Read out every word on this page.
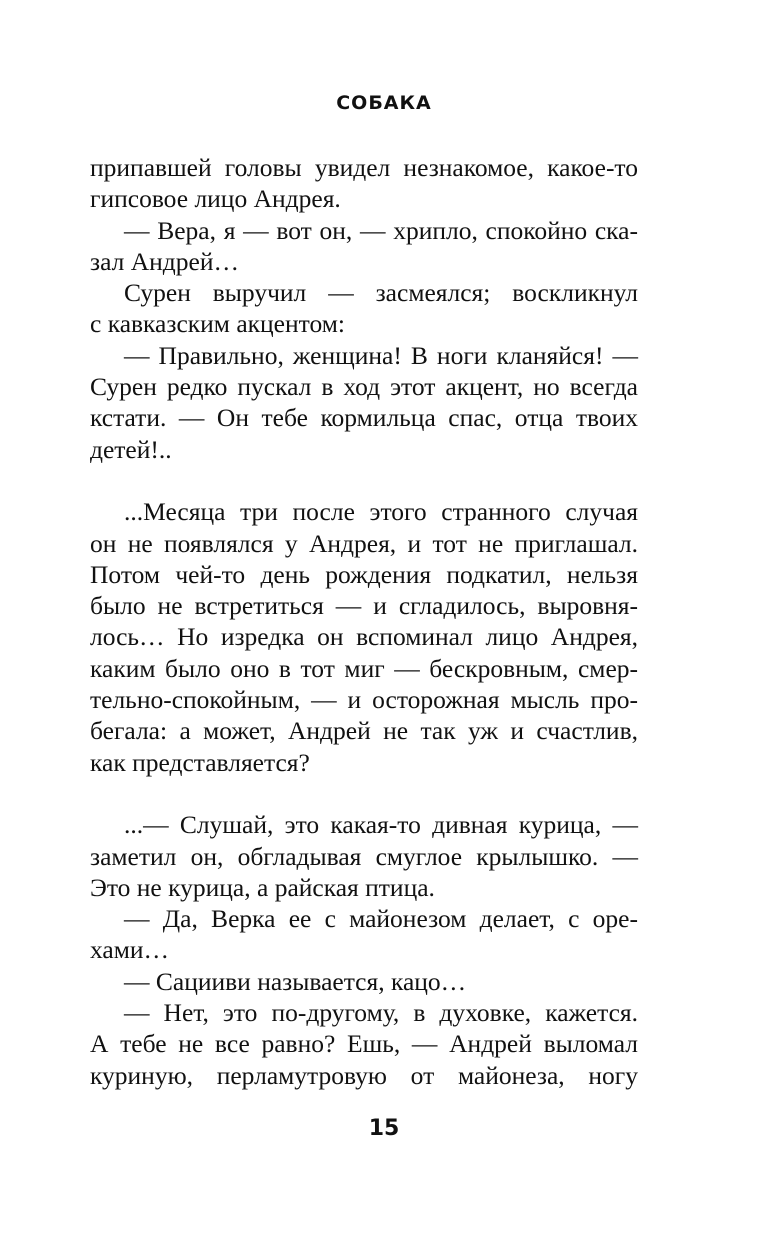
СОБАКА
припавшей головы увидел незнакомое, какое-то
гипсовое лицо Андрея.
— Вера, я — вот он, — хрипло, спокойно ска-
зал Андрей…
Сурен выручил — засмеялся; воскликнул
с кавказским акцентом:
— Правильно, женщина! В ноги кланяйся! —
Сурен редко пускал в ход этот акцент, но всегда
кстати. — Он тебе кормильца спас, отца твоих
детей!..
...Месяца три после этого странного случая
он не появлялся у Андрея, и тот не приглашал.
Потом чей-то день рождения подкатил, нельзя
было не встретиться — и сгладилось, выровня-
лось… Но изредка он вспоминал лицо Андрея,
каким было оно в тот миг — бескровным, смер-
тельно-спокойным, — и осторожная мысль про-
бегала: а может, Андрей не так уж и счастлив,
как представляется?
...— Слушай, это какая-то дивная курица, —
заметил он, обгладывая смуглое крылышко. —
Это не курица, а райская птица.
— Да, Верка ее с майонезом делает, с оре-
хами…
— Сацииви называется, кацо…
— Нет, это по-другому, в духовке, кажется.
А тебе не все равно? Ешь, — Андрей выломал
куриную, перламутровую от майонеза, ногу
15
